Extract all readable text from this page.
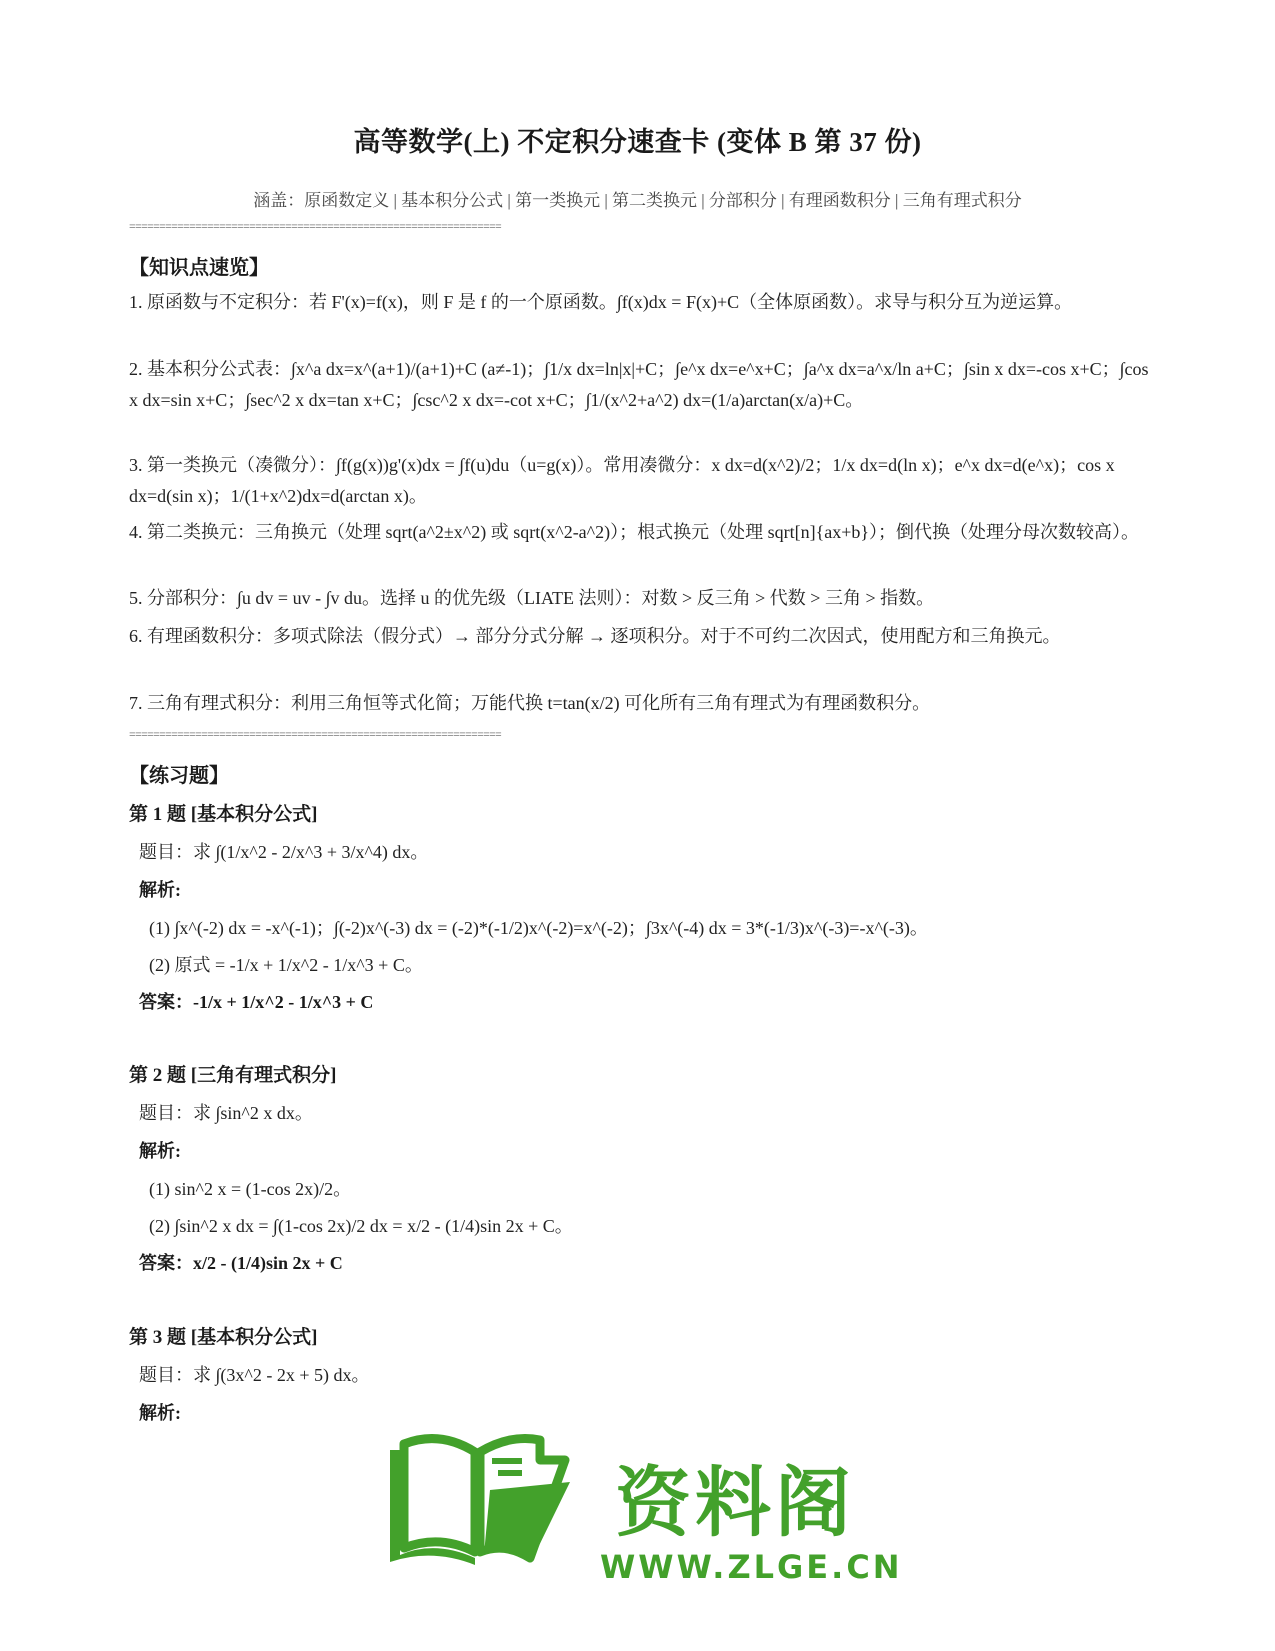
高等数学(上) 不定积分速查卡 (变体 B 第 37 份)
涵盖：原函数定义 | 基本积分公式 | 第一类换元 | 第二类换元 | 分部积分 | 有理函数积分 | 三角有理式积分
==============================================================
【知识点速览】
1. 原函数与不定积分：若 F'(x)=f(x)，则 F 是 f 的一个原函数。∫f(x)dx = F(x)+C（全体原函数）。求导与积分互为逆运算。
2. 基本积分公式表：∫x^a dx=x^(a+1)/(a+1)+C (a≠-1)；∫1/x dx=ln|x|+C；∫e^x dx=e^x+C；∫a^x dx=a^x/ln a+C；∫sin x dx=-cos x+C；∫cos x dx=sin x+C；∫sec^2 x dx=tan x+C；∫csc^2 x dx=-cot x+C；∫1/(x^2+a^2) dx=(1/a)arctan(x/a)+C。
3. 第一类换元（凑微分）：∫f(g(x))g'(x)dx = ∫f(u)du（u=g(x)）。常用凑微分：x dx=d(x^2)/2；1/x dx=d(ln x)；e^x dx=d(e^x)；cos x dx=d(sin x)；1/(1+x^2)dx=d(arctan x)。
4. 第二类换元：三角换元（处理 sqrt(a^2±x^2) 或 sqrt(x^2-a^2)）；根式换元（处理 sqrt[n]{ax+b}）；倒代换（处理分母次数较高）。
5. 分部积分：∫u dv = uv - ∫v du。选择 u 的优先级（LIATE 法则）：对数 > 反三角 > 代数 > 三角 > 指数。
6. 有理函数积分：多项式除法（假分式）→ 部分分式分解 → 逐项积分。对于不可约二次因式，使用配方和三角换元。
7. 三角有理式积分：利用三角恒等式化简；万能代换 t=tan(x/2) 可化所有三角有理式为有理函数积分。
==============================================================
【练习题】
第 1 题 [基本积分公式]
题目：求 ∫(1/x^2 - 2/x^3 + 3/x^4) dx。
解析:
(1) ∫x^(-2) dx = -x^(-1)；∫(-2)x^(-3) dx = (-2)*(-1/2)x^(-2)=x^(-2)；∫3x^(-4) dx = 3*(-1/3)x^(-3)=-x^(-3)。
(2) 原式 = -1/x + 1/x^2 - 1/x^3 + C。
答案：-1/x + 1/x^2 - 1/x^3 + C
第 2 题 [三角有理式积分]
题目：求 ∫sin^2 x dx。
解析:
(1) sin^2 x = (1-cos 2x)/2。
(2) ∫sin^2 x dx = ∫(1-cos 2x)/2 dx = x/2 - (1/4)sin 2x + C。
答案：x/2 - (1/4)sin 2x + C
第 3 题 [基本积分公式]
题目：求 ∫(3x^2 - 2x + 5) dx。
解析:
资料阁
WWW.ZLGE.CN
